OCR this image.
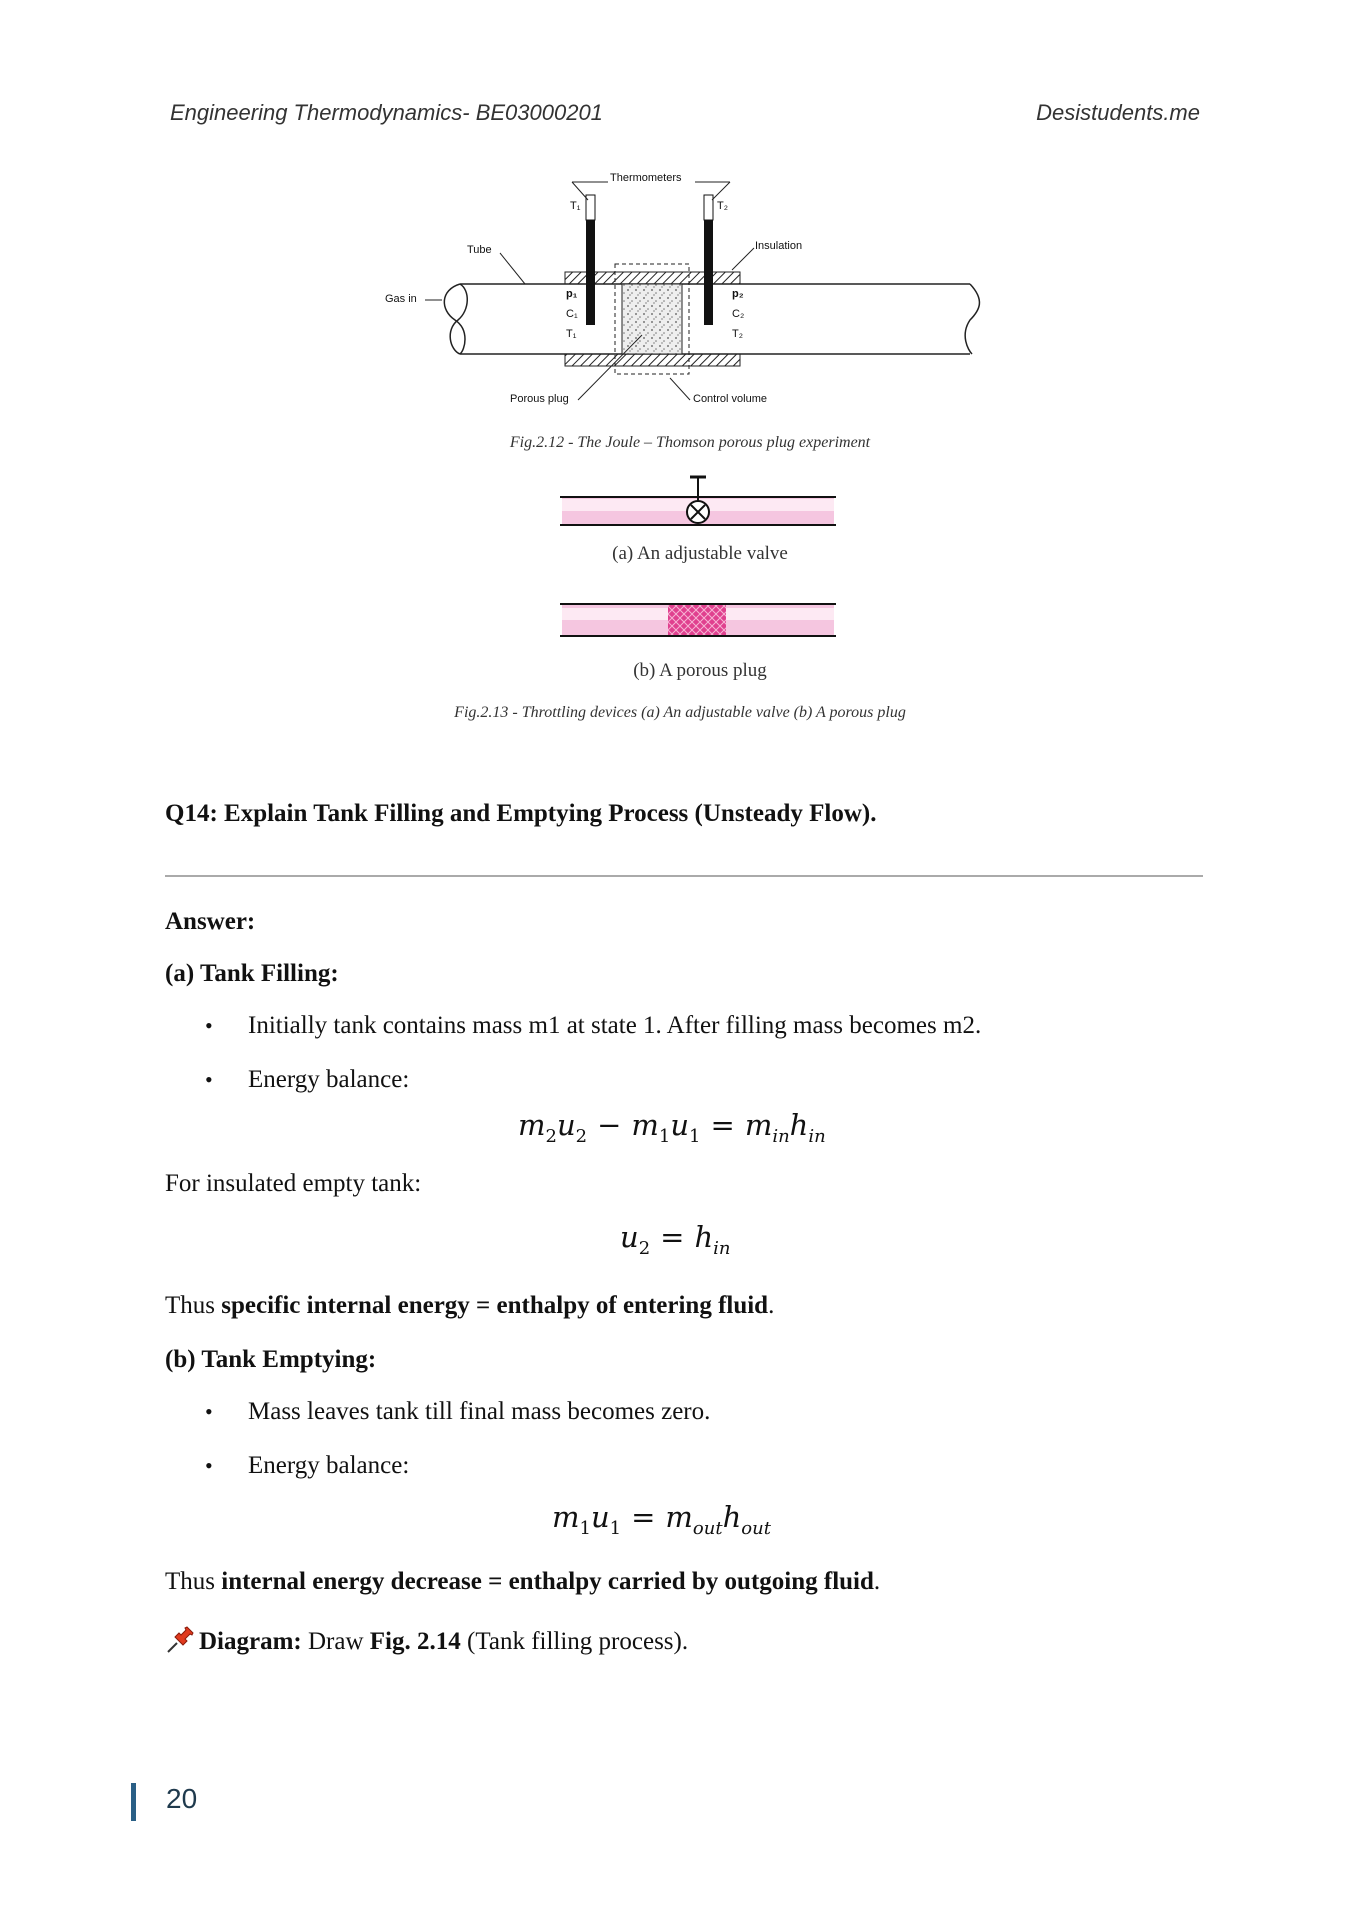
Engineering Thermodynamics- BE03000201	Desistudents.me
Thermometers
Tube	Insulation
Gas in
T₁	T₂
p₁
C₁
T₁
p₂
C₂
T₂
Porous plug	Control volume
Fig.2.12 - The Joule – Thomson porous plug experiment
(a) An adjustable valve
(b) A porous plug
Fig.2.13 - Throttling devices (a) An adjustable valve (b) A porous plug
Q14: Explain Tank Filling and Emptying Process (Unsteady Flow).
Answer:
(a) Tank Filling:
• Initially tank contains mass m1 at state 1. After filling mass becomes m2.
• Energy balance:
$m_2u_2 - m_1u_1 = m_{in}h_{in}$
For insulated empty tank:
$u_2 = h_{in}$
Thus specific internal energy = enthalpy of entering fluid.
(b) Tank Emptying:
• Mass leaves tank till final mass becomes zero.
• Energy balance:
$m_1u_1 = m_{out}h_{out}$
Thus internal energy decrease = enthalpy carried by outgoing fluid.
Diagram: Draw Fig. 2.14 (Tank filling process).
20
